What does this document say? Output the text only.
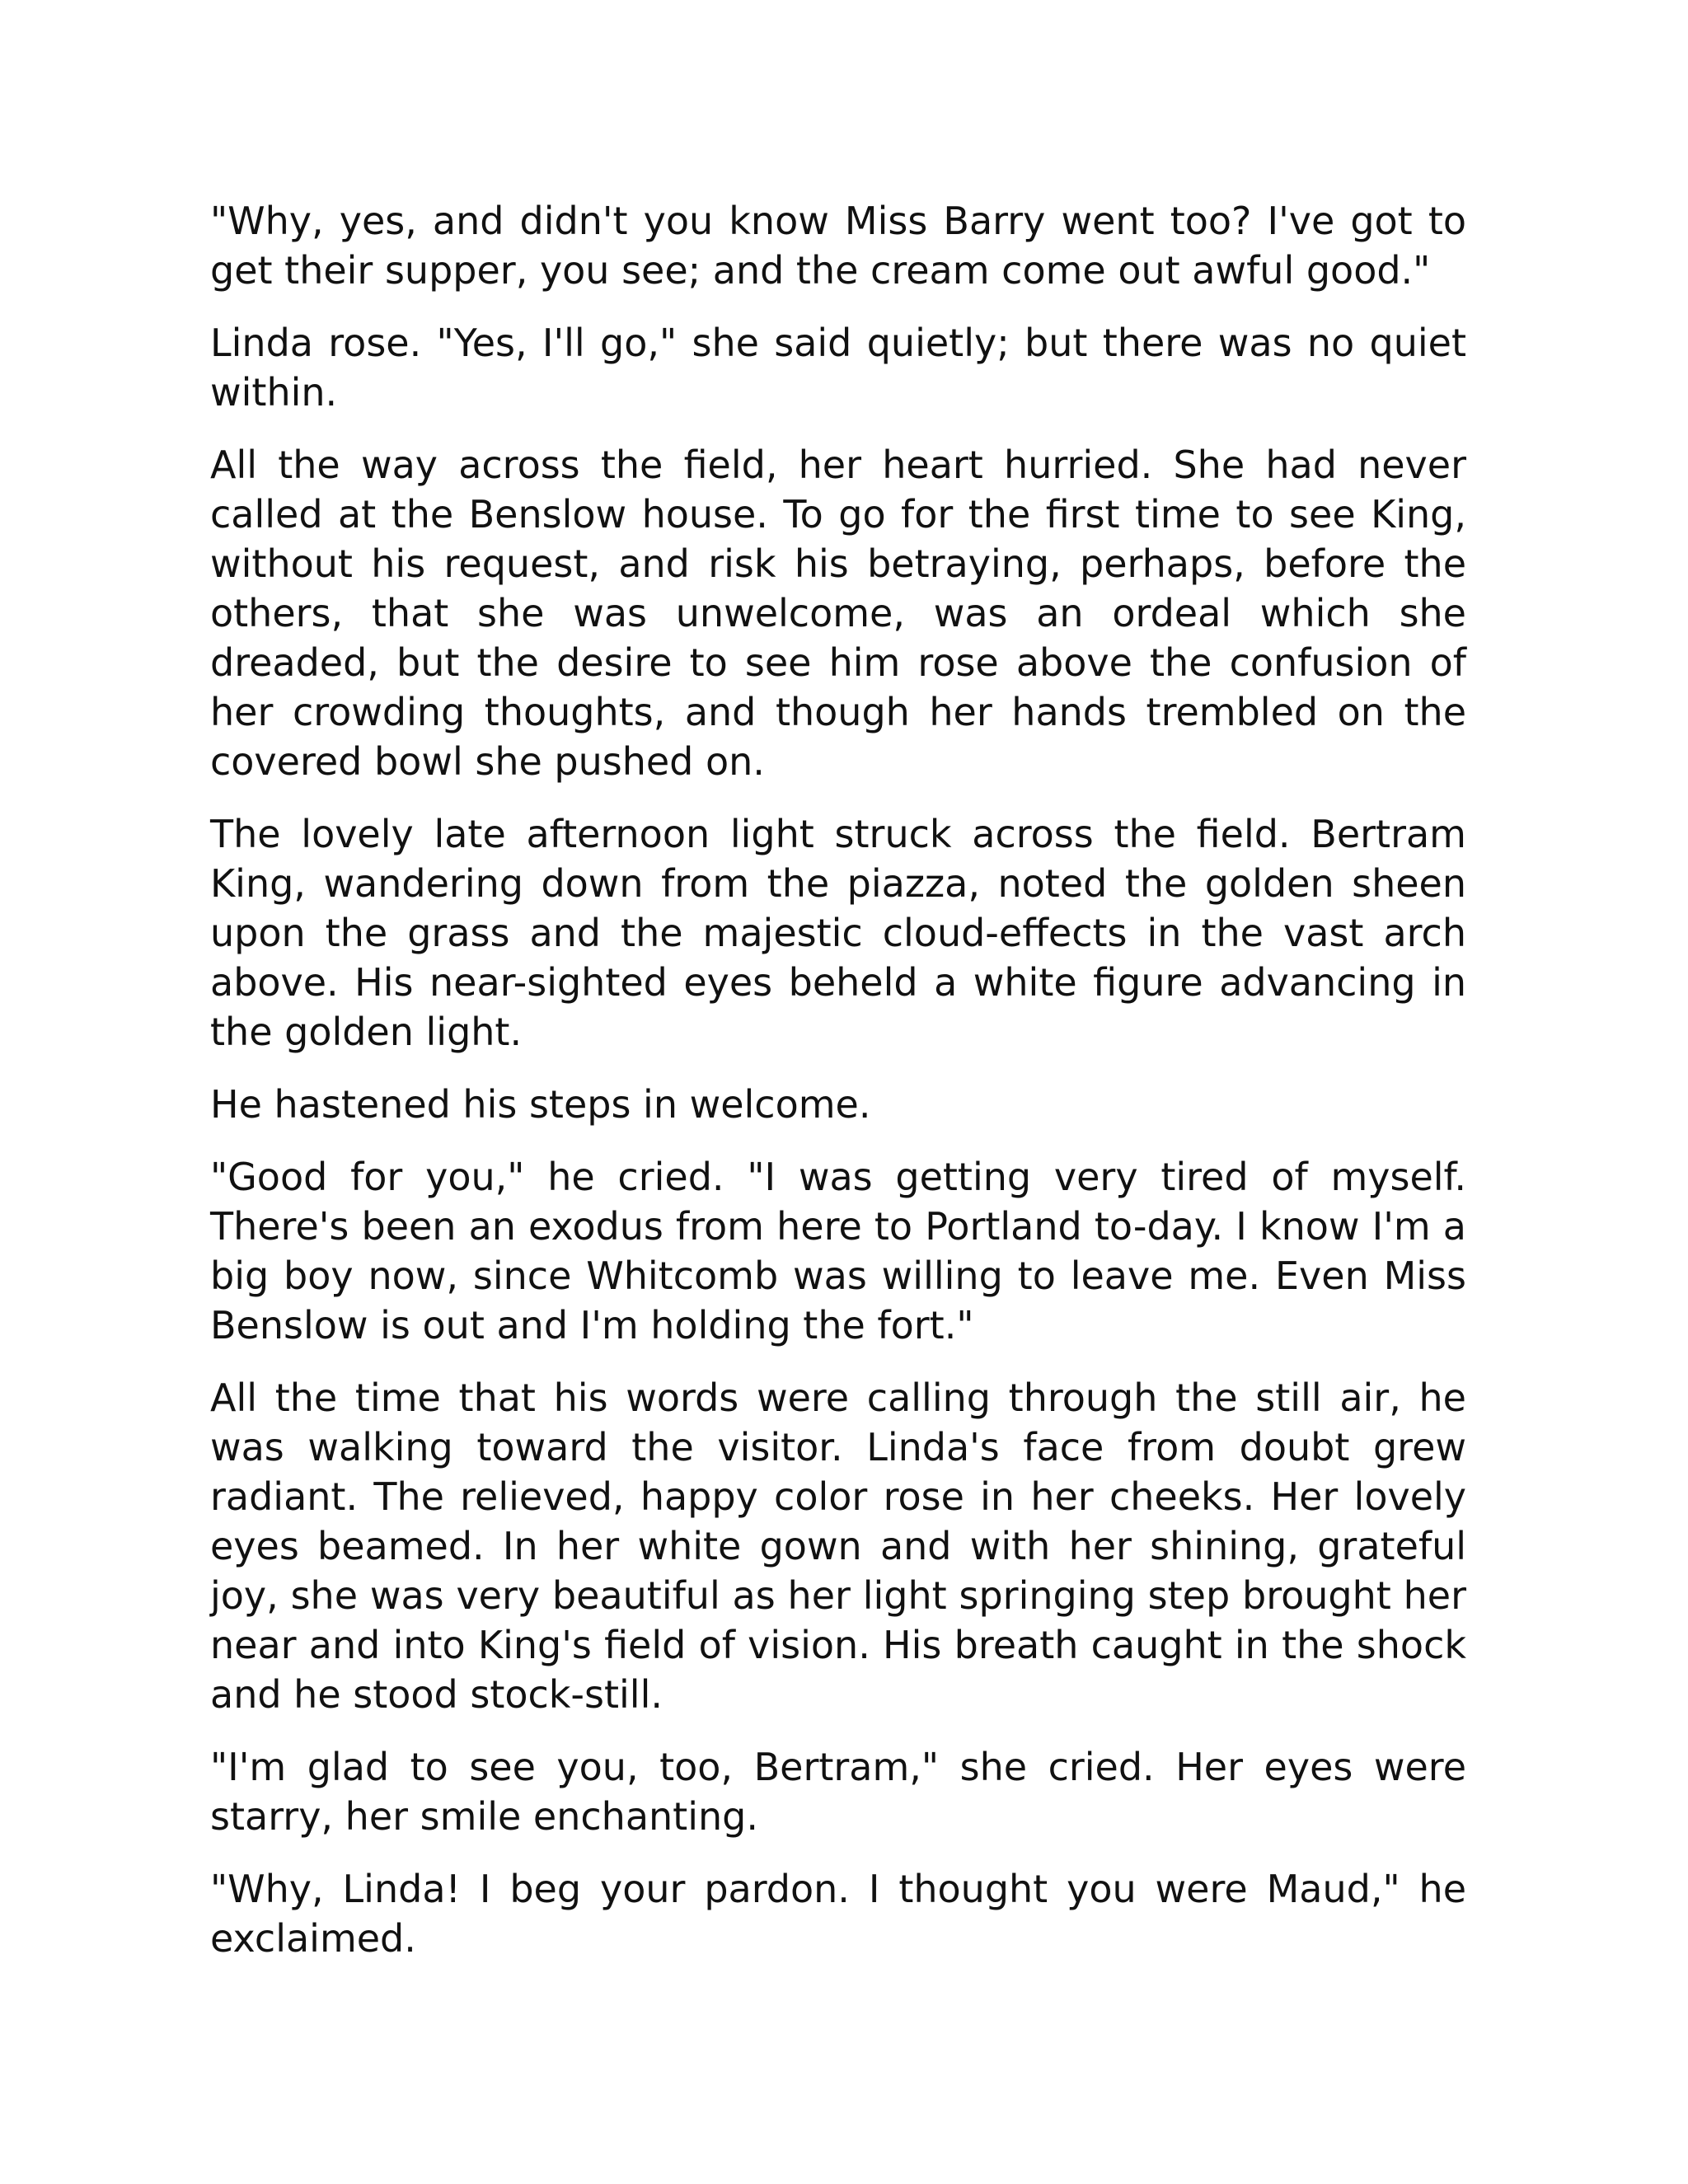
"Why, yes, and didn't you know Miss Barry went too? I've got to get their supper, you see; and the cream come out awful good."

Linda rose. "Yes, I'll go," she said quietly; but there was no quiet within.

All the way across the field, her heart hurried. She had never called at the Benslow house. To go for the first time to see King, without his request, and risk his betraying, perhaps, before the others, that she was unwelcome, was an ordeal which she dreaded, but the desire to see him rose above the confusion of her crowding thoughts, and though her hands trembled on the covered bowl she pushed on.

The lovely late afternoon light struck across the field. Bertram King, wandering down from the piazza, noted the golden sheen upon the grass and the majestic cloud-effects in the vast arch above. His near-sighted eyes beheld a white figure advancing in the golden light.

He hastened his steps in welcome.

"Good for you," he cried. "I was getting very tired of myself. There's been an exodus from here to Portland to-day. I know I'm a big boy now, since Whitcomb was willing to leave me. Even Miss Benslow is out and I'm holding the fort."

All the time that his words were calling through the still air, he was walking toward the visitor. Linda's face from doubt grew radiant. The relieved, happy color rose in her cheeks. Her lovely eyes beamed. In her white gown and with her shining, grateful joy, she was very beautiful as her light springing step brought her near and into King's field of vision. His breath caught in the shock and he stood stock-still.

"I'm glad to see you, too, Bertram," she cried. Her eyes were starry, her smile enchanting.

"Why, Linda! I beg your pardon. I thought you were Maud," he exclaimed.
